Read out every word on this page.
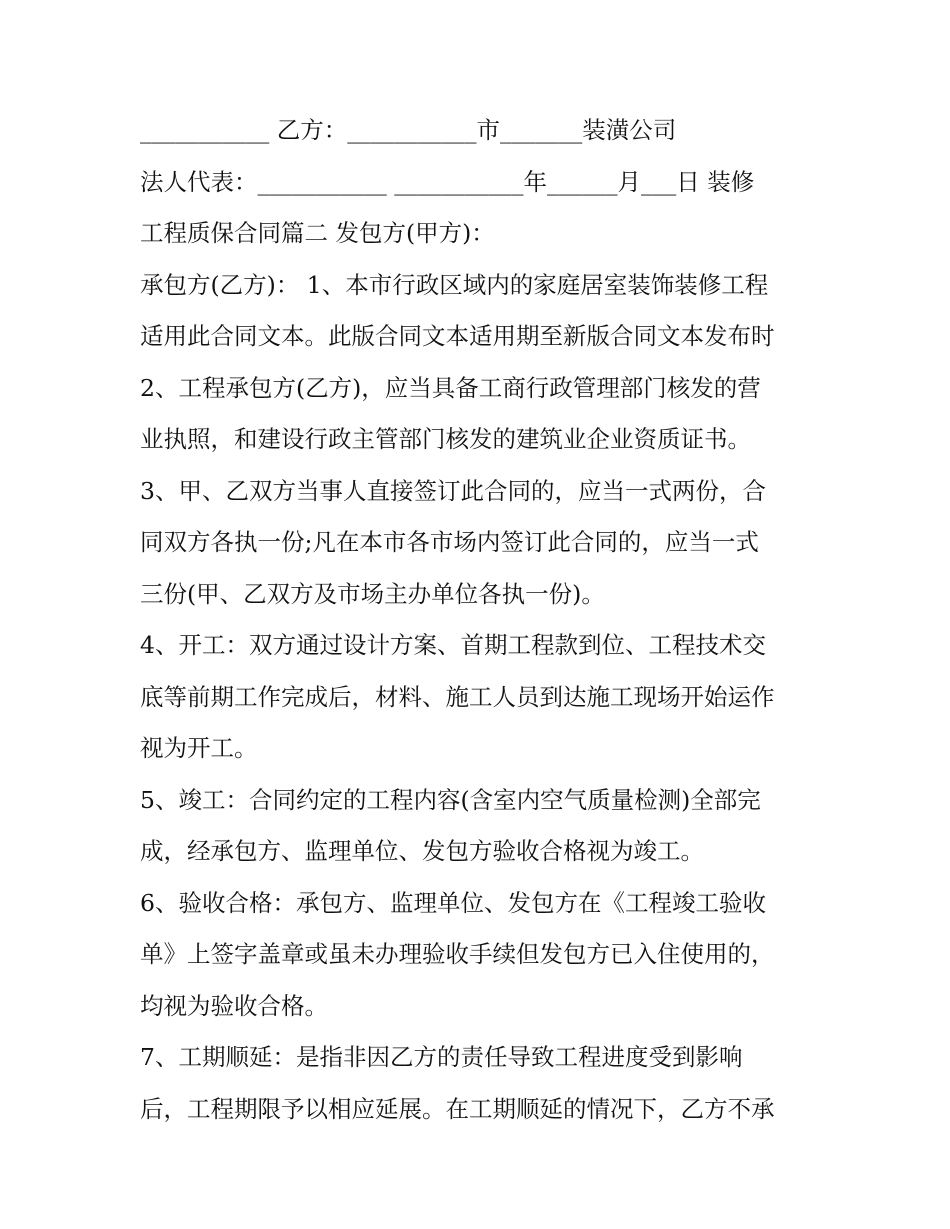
___________ 乙方：___________市_______装潢公司
法人代表：___________ ___________年______月___日 装修
工程质保合同篇二 发包方(甲方)：
承包方(乙方)： 1、本市行政区域内的家庭居室装饰装修工程
适用此合同文本。此版合同文本适用期至新版合同文本发布时
2、工程承包方(乙方)，应当具备工商行政管理部门核发的营
业执照，和建设行政主管部门核发的建筑业企业资质证书。
3、甲、乙双方当事人直接签订此合同的，应当一式两份，合
同双方各执一份;凡在本市各市场内签订此合同的，应当一式
三份(甲、乙双方及市场主办单位各执一份)。
4、开工：双方通过设计方案、首期工程款到位、工程技术交
底等前期工作完成后，材料、施工人员到达施工现场开始运作
视为开工。
5、竣工：合同约定的工程内容(含室内空气质量检测)全部完
成，经承包方、监理单位、发包方验收合格视为竣工。
6、验收合格：承包方、监理单位、发包方在《工程竣工验收
单》上签字盖章或虽未办理验收手续但发包方已入住使用的，
均视为验收合格。
7、工期顺延：是指非因乙方的责任导致工程进度受到影响
后，工程期限予以相应延展。在工期顺延的情况下，乙方不承
